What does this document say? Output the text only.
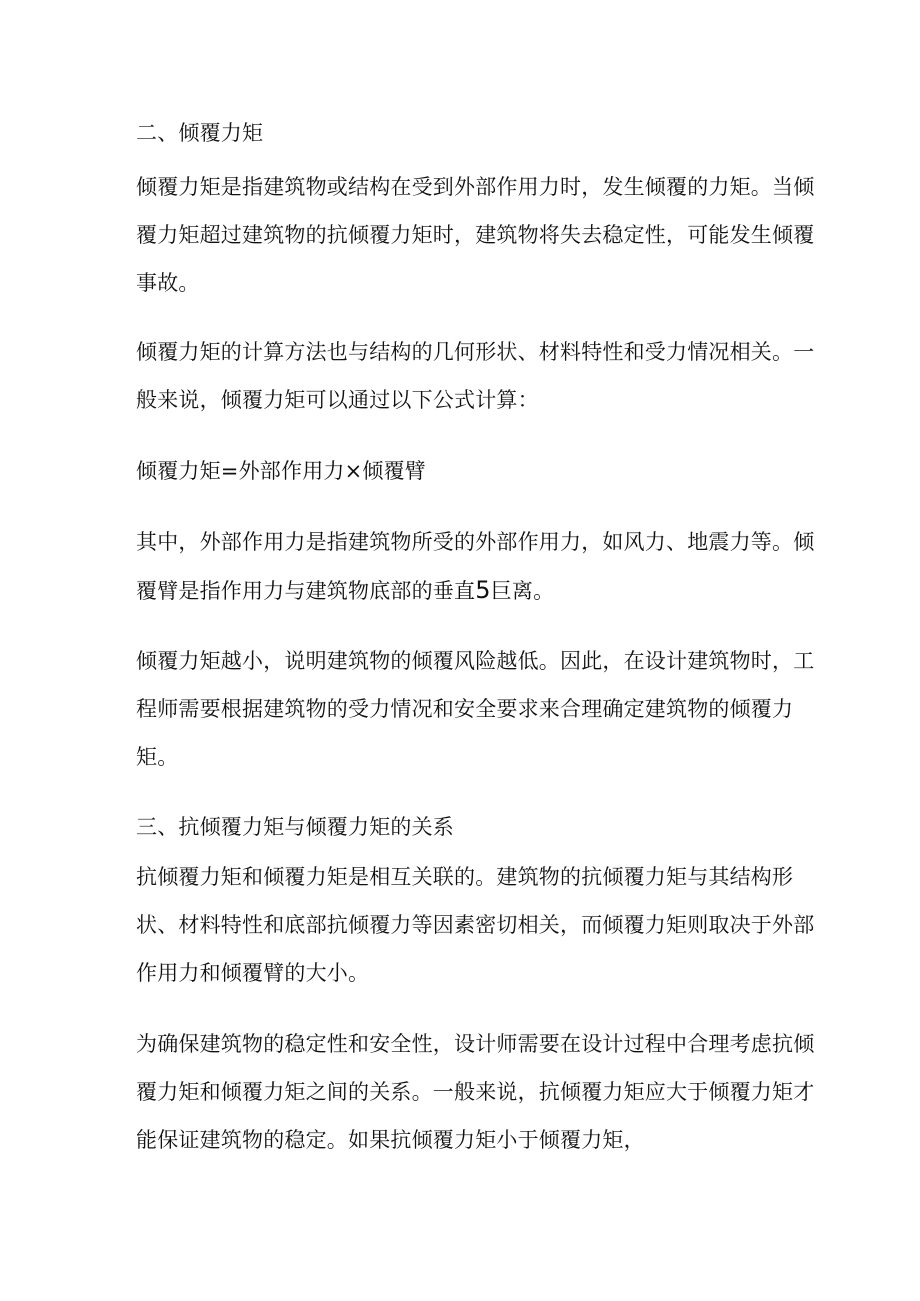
二、倾覆力矩

倾覆力矩是指建筑物或结构在受到外部作用力时，发生倾覆的力矩。当倾

覆力矩超过建筑物的抗倾覆力矩时，建筑物将失去稳定性，可能发生倾覆

事故。

倾覆力矩的计算方法也与结构的几何形状、材料特性和受力情况相关。一

般来说，倾覆力矩可以通过以下公式计算：

倾覆力矩=外部作用力×倾覆臂

其中，外部作用力是指建筑物所受的外部作用力，如风力、地震力等。倾

覆臂是指作用力与建筑物底部的垂直5巨离。

倾覆力矩越小，说明建筑物的倾覆风险越低。因此，在设计建筑物时，工

程师需要根据建筑物的受力情况和安全要求来合理确定建筑物的倾覆力

矩。

三、抗倾覆力矩与倾覆力矩的关系

抗倾覆力矩和倾覆力矩是相互关联的。建筑物的抗倾覆力矩与其结构形

状、材料特性和底部抗倾覆力等因素密切相关，而倾覆力矩则取决于外部

作用力和倾覆臂的大小。

为确保建筑物的稳定性和安全性，设计师需要在设计过程中合理考虑抗倾

覆力矩和倾覆力矩之间的关系。一般来说，抗倾覆力矩应大于倾覆力矩才

能保证建筑物的稳定。如果抗倾覆力矩小于倾覆力矩，
